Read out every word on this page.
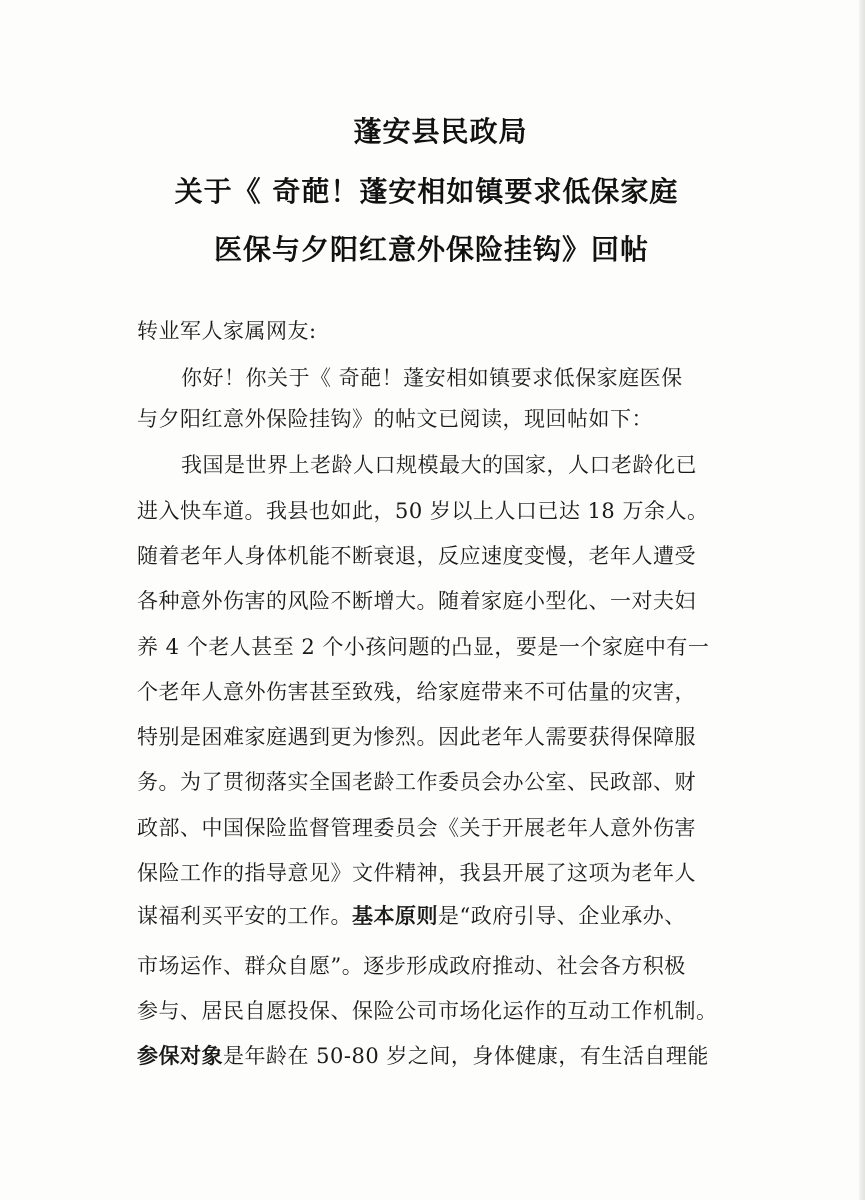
蓬安县民政局
关于《 奇葩！蓬安相如镇要求低保家庭
医保与夕阳红意外保险挂钩》回帖
转业军人家属网友:
你好！你关于《 奇葩！蓬安相如镇要求低保家庭医保
与夕阳红意外保险挂钩》的帖文已阅读，现回帖如下：
我国是世界上老龄人口规模最大的国家，人口老龄化已
进入快车道。我县也如此，50 岁以上人口已达 18 万余人。
随着老年人身体机能不断衰退，反应速度变慢，老年人遭受
各种意外伤害的风险不断增大。随着家庭小型化、一对夫妇
养 4 个老人甚至 2 个小孩问题的凸显，要是一个家庭中有一
个老年人意外伤害甚至致残，给家庭带来不可估量的灾害，
特别是困难家庭遇到更为惨烈。因此老年人需要获得保障服
务。为了贯彻落实全国老龄工作委员会办公室、民政部、财
政部、中国保险监督管理委员会《关于开展老年人意外伤害
保险工作的指导意见》文件精神，我县开展了这项为老年人
谋福利买平安的工作。基本原则是“政府引导、企业承办、
市场运作、群众自愿”。逐步形成政府推动、社会各方积极
参与、居民自愿投保、保险公司市场化运作的互动工作机制。
参保对象是年龄在 50-80 岁之间，身体健康，有生活自理能
